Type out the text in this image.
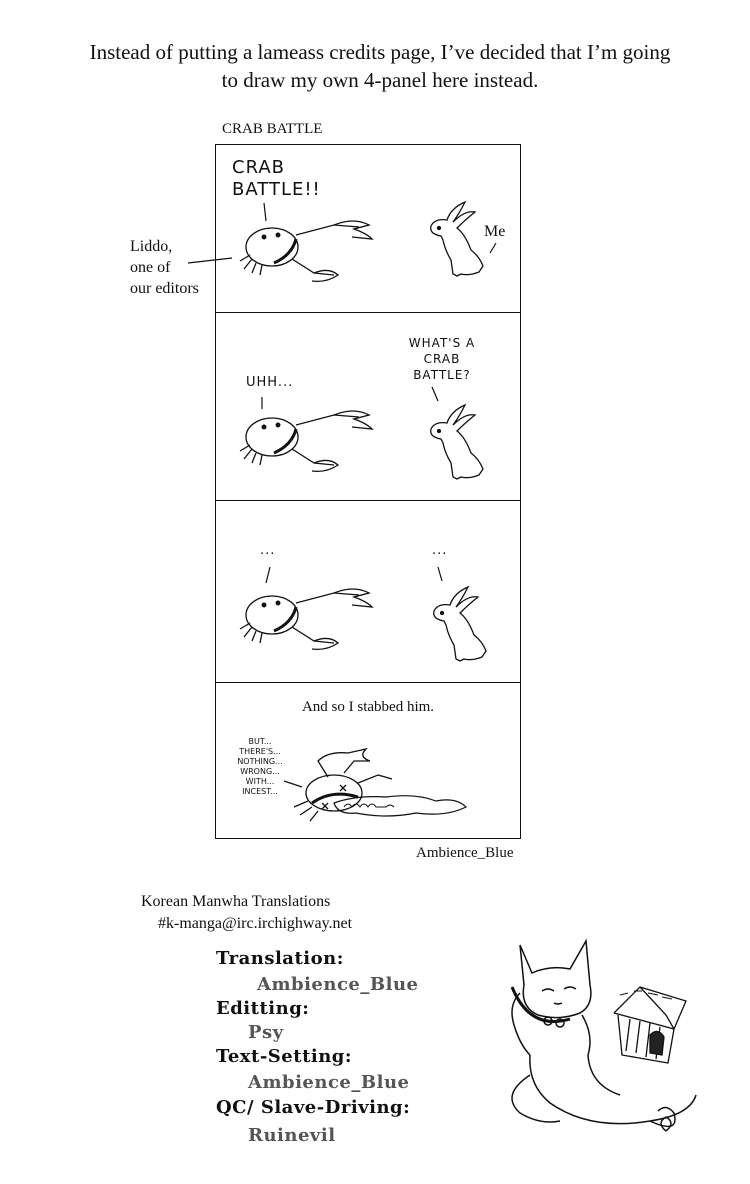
Instead of putting a lameass credits page, I’ve decided that I’m going
to draw my own 4-panel here instead.
CRAB BATTLE
Liddo,
one of
our editors
CRAB
BATTLE!!
Me
UHH...
WHAT'S A
CRAB
BATTLE?
...	...
And so I stabbed him.
BUT...
THERE'S...
NOTHING...
WRONG...
WITH...
INCEST...
Ambience_Blue
Korean Manwha Translations
#k-manga@irc.irchighway.net
Translation:
Ambience_Blue
Editting:
Psy
Text-Setting:
Ambience_Blue
QC/ Slave-Driving:
Ruinevil
